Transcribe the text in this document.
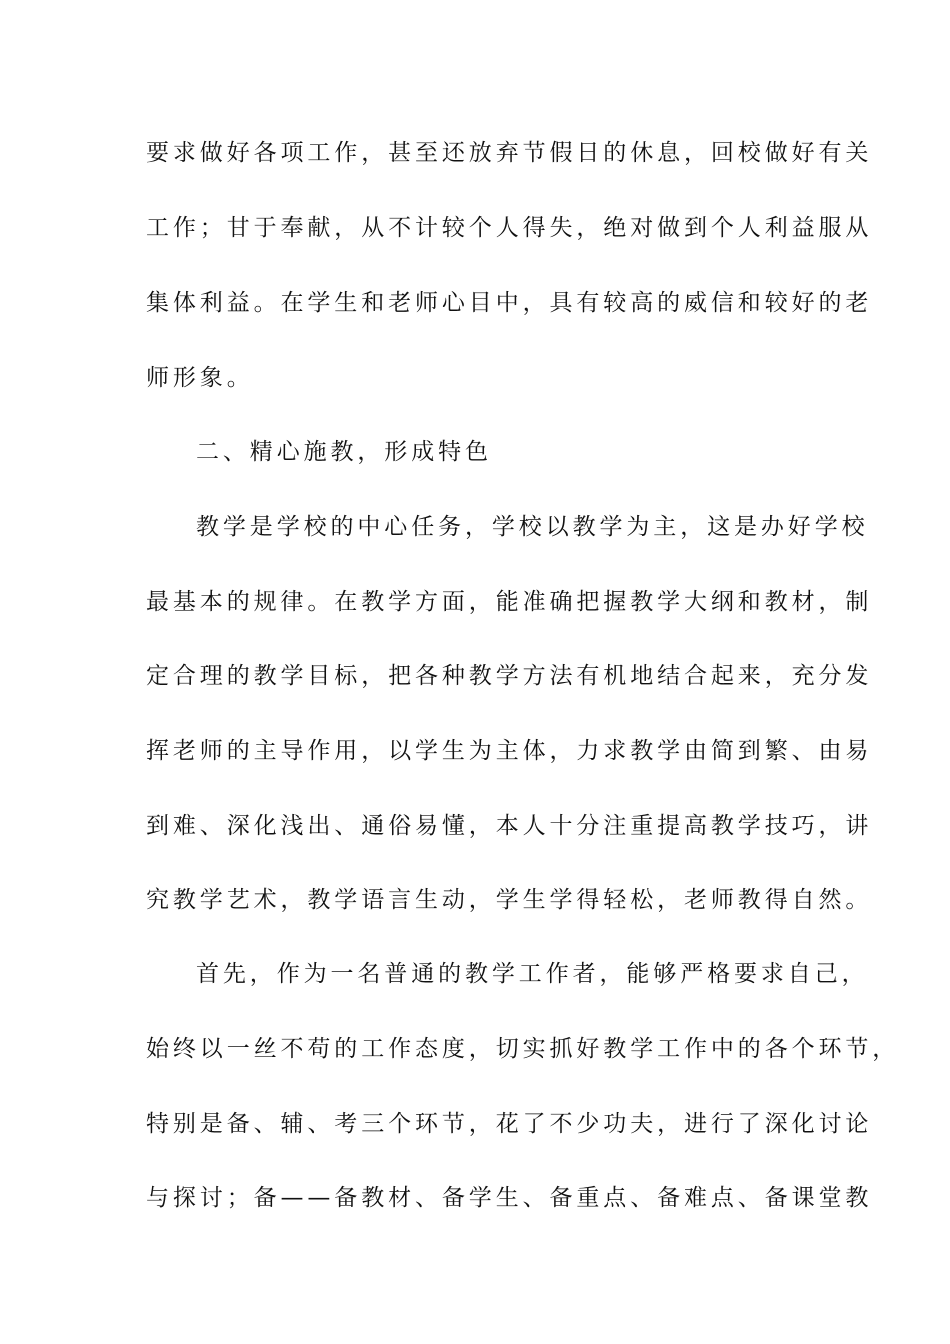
要求做好各项工作，甚至还放弃节假日的休息，回校做好有关
工作；甘于奉献，从不计较个人得失，绝对做到个人利益服从
集体利益。在学生和老师心目中，具有较高的威信和较好的老
师形象。
二、精心施教，形成特色
教学是学校的中心任务，学校以教学为主，这是办好学校
最基本的规律。在教学方面，能准确把握教学大纲和教材，制
定合理的教学目标，把各种教学方法有机地结合起来，充分发
挥老师的主导作用，以学生为主体，力求教学由简到繁、由易
到难、深化浅出、通俗易懂，本人十分注重提高教学技巧，讲
究教学艺术，教学语言生动，学生学得轻松，老师教得自然。
首先，作为一名普通的教学工作者，能够严格要求自己，
始终以一丝不苟的工作态度，切实抓好教学工作中的各个环节，
特别是备、辅、考三个环节，花了不少功夫，进行了深化讨论
与探讨；备——备教材、备学生、备重点、备难点、备课堂教
